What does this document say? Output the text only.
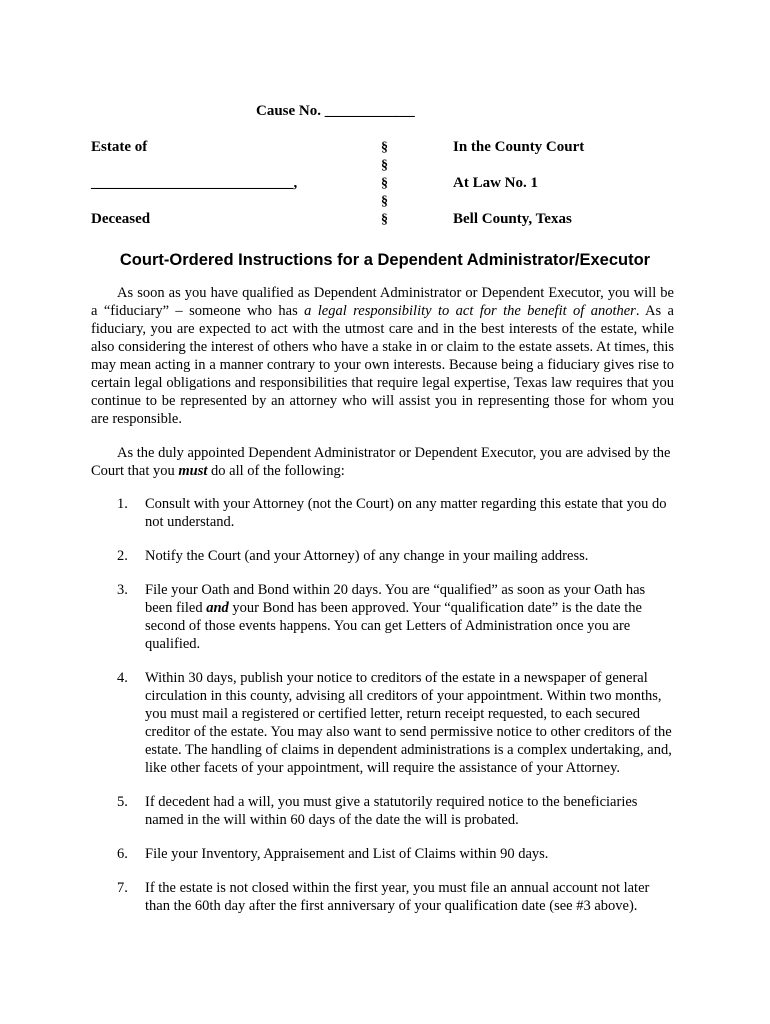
Cause No. ____________
Estate of
___________________________,
Deceased
§
§
§
§
§
In the County Court
At Law No. 1
Bell County, Texas
Court-Ordered Instructions for a Dependent Administrator/Executor

As soon as you have qualified as Dependent Administrator or Dependent Executor, you will be a “fiduciary” – someone who has a legal responsibility to act for the benefit of another. As a fiduciary, you are expected to act with the utmost care and in the best interests of the estate, while also considering the interest of others who have a stake in or claim to the estate assets. At times, this may mean acting in a manner contrary to your own interests. Because being a fiduciary gives rise to certain legal obligations and responsibilities that require legal expertise, Texas law requires that you continue to be represented by an attorney who will assist you in representing those for whom you are responsible.

As the duly appointed Dependent Administrator or Dependent Executor, you are advised by the Court that you must do all of the following:

1. Consult with your Attorney (not the Court) on any matter regarding this estate that you do not understand.
2. Notify the Court (and your Attorney) of any change in your mailing address.
3. File your Oath and Bond within 20 days. You are “qualified” as soon as your Oath has been filed and your Bond has been approved. Your “qualification date” is the date the second of those events happens. You can get Letters of Administration once you are qualified.
4. Within 30 days, publish your notice to creditors of the estate in a newspaper of general circulation in this county, advising all creditors of your appointment. Within two months, you must mail a registered or certified letter, return receipt requested, to each secured creditor of the estate. You may also want to send permissive notice to other creditors of the estate. The handling of claims in dependent administrations is a complex undertaking, and, like other facets of your appointment, will require the assistance of your Attorney.
5. If decedent had a will, you must give a statutorily required notice to the beneficiaries named in the will within 60 days of the date the will is probated.
6. File your Inventory, Appraisement and List of Claims within 90 days.
7. If the estate is not closed within the first year, you must file an annual account not later than the 60th day after the first anniversary of your qualification date (see #3 above).
